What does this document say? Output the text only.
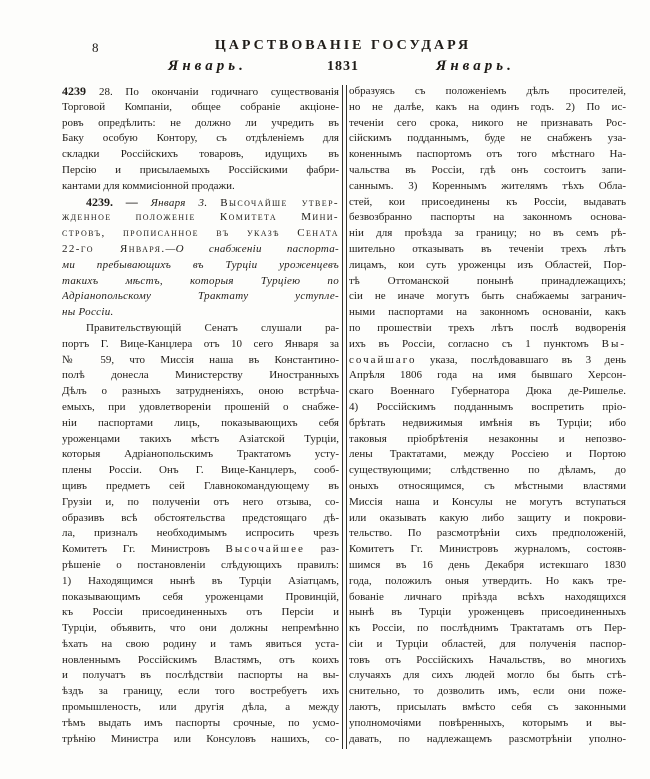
8	ЦАРСТВОВАНІЕ ГОСУДАРЯ
Январь.	1831	Январь.
4239 28. По окончаніи годичнаго существованія
Торговой Компаніи, общее собраніе акціоне-
ровъ опредѣлить: не должно ли учредить въ
Баку особую Контору, съ отдѣленіемъ для
складки Россійскихъ товаровъ, идущихъ въ
Персію и присылаемыхъ Россійскими фабри-
кантами для коммисіонной продажи.
4239. — Января 3. Высочайше утвер-
жденное положеніе Комитета Мини-
стровъ, прописанное въ указѣ Сената
22-го Января.—О снабженіи паспорта-
ми пребывающихъ въ Турціи уроженцевъ
такихъ мѣстъ, которыя Турціею по
Адріанопольскому Трактату уступле-
ны Россіи.
Правительствующій Сенатъ слушали ра-
портъ Г. Вице-Канцлера отъ 10 сего Января за
№ 59, что Миссія наша въ Константино-
полѣ донесла Министерству Иностранныхъ
Дѣлъ о разныхъ затрудненіяхъ, оною встрѣча-
емыхъ, при удовлетвореніи прошеній о снабже-
ніи паспортами лицъ, показывающихъ себя
уроженцами такихъ мѣстъ Азіатской Турціи,
которыя Адріанопольскимъ Трактатомъ усту-
плены Россіи. Онъ Г. Вице-Канцлеръ, сооб-
щивъ предметъ сей Главнокомандующему въ
Грузіи и, по полученіи отъ него отзыва, со-
образивъ всѣ обстоятельства предстоящаго дѣ-
ла, призналъ необходимымъ испросить чрезъ
Комитетъ Гг. Министровъ Высочайшее раз-
рѣшеніе о постановленіи слѣдующихъ правилъ:
1) Находящимся нынѣ въ Турціи Азіатцамъ,
показывающимъ себя уроженцами Провинцій,
къ Россіи присоединенныхъ отъ Персіи и
Турціи, объявить, что они должны непремѣнно
ѣхать на свою родину и тамъ явиться уста-
новленнымъ Россійскимъ Властямъ, отъ коихъ
и получатъ въ послѣдствіи паспорты на вы-
ѣздъ за границу, если того востребуетъ ихъ
промышленость, или другія дѣла, а между
тѣмъ выдать имъ паспорты срочные, по усмо-
трѣнію Министра или Консуловъ нашихъ, со-
образуясь съ положеніемъ дѣлъ просителей,
но не далѣе, какъ на одинъ годъ. 2) По ис-
теченіи сего срока, никого не признавать Рос-
сійскимъ подданнымъ, буде не снабженъ уза-
коненнымъ паспортомъ отъ того мѣстнаго На-
чальства въ Россіи, гдѣ онъ состоитъ запи-
саннымъ. 3) Кореннымъ жителямъ тѣхъ Обла-
стей, кои присоединены къ Россіи, выдавать
безвозбранно паспорты на законномъ основа-
ніи для проѣзда за границу; но въ семъ рѣ-
шительно отказывать въ теченіи трехъ лѣтъ
лицамъ, кои суть уроженцы изъ Областей, Пор-
тѣ Оттоманской понынѣ принадлежащихъ;
сіи не иначе могутъ быть снабжаемы загранич-
ными паспортами на законномъ основаніи, какъ
по прошествіи трехъ лѣтъ послѣ водворенія
ихъ въ Россіи, согласно съ 1 пунктомъ Вы-
сочайшаго указа, послѣдовавшаго въ 3 день
Апрѣля 1806 года на имя бывшаго Херсон-
скаго Военнаго Губернатора Дюка де-Ришелье.
4) Россійскимъ подданнымъ воспретить пріо-
брѣтать недвижимыя имѣнія въ Турціи; ибо
таковыя пріобрѣтенія незаконны и непозво-
лены Трактатами, между Россіею и Портою
существующими; слѣдственно по дѣламъ, до
оныхъ относящимся, съ мѣстными властями
Миссія наша и Консулы не могутъ вступаться
или оказывать какую либо защиту и покрови-
тельство. По разсмотрѣніи сихъ предположеній,
Комитетъ Гг. Министровъ журналомъ, состояв-
шимся въ 16 день Декабря истекшаго 1830
года, положилъ оныя утвердить. Но какъ тре-
бованіе личнаго пріѣзда всѣхъ находящихся
нынѣ въ Турціи уроженцевъ присоединенныхъ
къ Россіи, по послѣднимъ Трактатамъ отъ Пер-
сіи и Турціи областей, для полученія паспор-
товъ отъ Россійскихъ Начальствъ, во многихъ
случаяхъ для сихъ людей могло бы быть стѣ-
снительно, то дозволить имъ, если они поже-
лаютъ, присылать вмѣсто себя съ законными
уполномочіями повѣренныхъ, которымъ и вы-
давать, по надлежащемъ разсмотрѣніи уполно-
